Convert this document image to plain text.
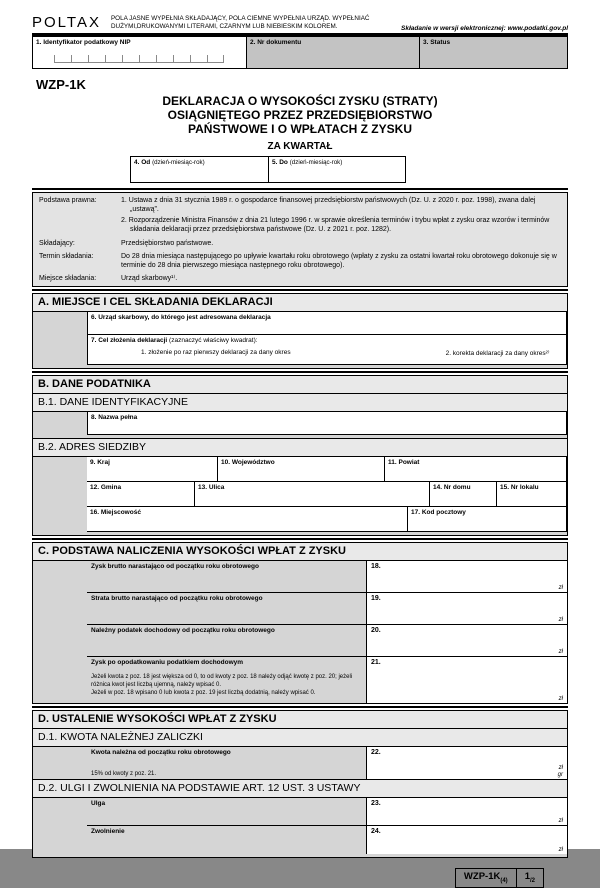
POLTAX POLA JASNE WYPEŁNIA SKŁADAJĄCY, POLA CIEMNE WYPEŁNIA URZĄD. WYPEŁNIAĆ DUŻYMI,DRUKOWANYMI LITERAMI, CZARNYM LUB NIEBIESKIM KOLOREM.	Składanie w wersji elektronicznej: www.podatki.gov.pl
1. Identyfikator podatkowy NIP	2. Nr dokumentu	3. Status
WZP-1K
DEKLARACJA O WYSOKOŚCI ZYSKU (STRATY)
OSIĄGNIĘTEGO PRZEZ PRZEDSIĘBIORSTWO
PAŃSTWOWE I O WPŁATACH Z ZYSKU
ZA KWARTAŁ
4. Od (dzień-miesiąc-rok)	5. Do (dzień-miesiąc-rok)
Podstawa prawna:	1. Ustawa z dnia 31 stycznia 1989 r. o gospodarce finansowej przedsiębiorstw państwowych (Dz. U. z 2020 r. poz. 1998), zwana dalej „ustawą”.
2. Rozporządzenie Ministra Finansów z dnia 21 lutego 1996 r. w sprawie określenia terminów i trybu wpłat z zysku oraz wzorów i terminów składania deklaracji przez przedsiębiorstwa państwowe (Dz. U. z 2021 r. poz. 1282).
Składający:	Przedsiębiorstwo państwowe.
Termin składania:	Do 28 dnia miesiąca następującego po upływie kwartału roku obrotowego (wpłaty z zysku za ostatni kwartał roku obrotowego dokonuje się w terminie do 28 dnia pierwszego miesiąca następnego roku obrotowego).
Miejsce składania:	Urząd skarbowy¹⁾.
A. MIEJSCE I CEL SKŁADANIA DEKLARACJI
6. Urząd skarbowy, do którego jest adresowana deklaracja
7. Cel złożenia deklaracji (zaznaczyć właściwy kwadrat):
1. złożenie po raz pierwszy deklaracji za dany okres	2. korekta deklaracji za dany okres²⁾
B. DANE PODATNIKA
B.1. DANE IDENTYFIKACYJNE
8. Nazwa pełna
B.2. ADRES SIEDZIBY
9. Kraj	10. Województwo	11. Powiat
12. Gmina	13. Ulica	14. Nr domu	15. Nr lokalu
16. Miejscowość	17. Kod pocztowy
C. PODSTAWA NALICZENIA WYSOKOŚCI WPŁAT Z ZYSKU
Zysk brutto narastająco od początku roku obrotowego	18.
zł
Strata brutto narastająco od początku roku obrotowego	19.
zł
Należny podatek dochodowy od początku roku obrotowego	20.
zł
Zysk po opodatkowaniu podatkiem dochodowym
Jeżeli kwota z poz. 18 jest większa od 0, to od kwoty z poz. 18 należy odjąć kwotę z poz. 20; jeżeli różnica kwot jest liczbą ujemną, należy wpisać 0.
Jeżeli w poz. 18 wpisano 0 lub kwota z poz. 19 jest liczbą dodatnią, należy wpisać 0.
21.
zł
D. USTALENIE WYSOKOŚCI WPŁAT Z ZYSKU
D.1. KWOTA NALEŻNEJ ZALICZKI
Kwota należna od początku roku obrotowego
15% od kwoty z poz. 21.
22.
zł
gr
D.2. ULGI I ZWOLNIENIA NA PODSTAWIE ART. 12 UST. 3 USTAWY
Ulga	23.
zł
Zwolnienie	24.
zł
WZP-$1K_{(4)}$	$1_{/2}$
